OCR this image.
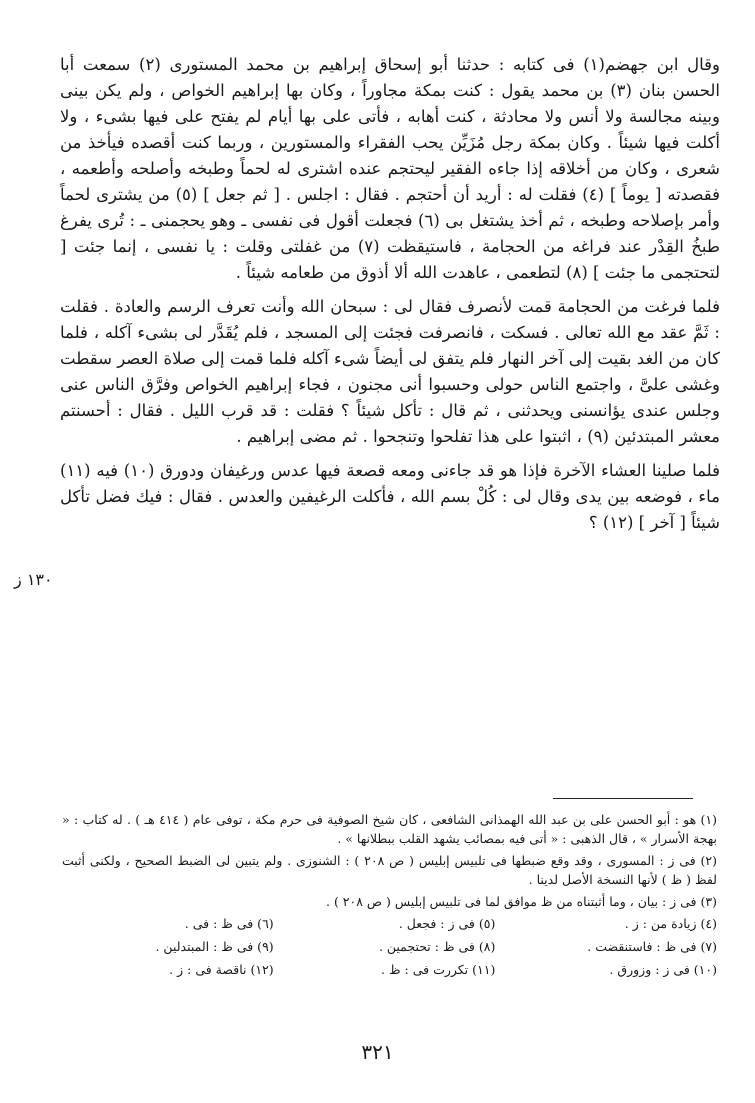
وقال ابن جهضم(١) فى كتابه : حدثنا أبو إسحاق إبراهيم بن محمد المستورى (٢) سمعت أبا الحسن بنان (٣) بن محمد يقول : كنت بمكة مجاوراً ، وكان بها إبراهيم الخواص ، ولم يكن بينى وبينه مجالسة ولا أنس ولا محادثة ، كنت أهابه ، فأتى على بها أيام لم يفتح على فيها بشىء ، ولا أكلت فيها شيئاً . وكان بمكة رجل مُزَيِّن يحب الفقراء والمستورين ، وربما كنت أقصده فيأخذ من شعرى ، وكان من أخلاقه إذا جاءه الفقير ليحتجم عنده اشترى له لحماً وطبخه وأصلحه وأطعمه ، فقصدته [ يوماً ] (٤) فقلت له : أريد أن أحتجم . فقال : اجلس . [ ثم جعل ] (٥) من يشترى لحماً وأمر بإصلاحه وطبخه ، ثم أخذ يشتغل بى (٦) فجعلت أقول فى نفسى ـ وهو يحجمنى ـ : تُرى يفرغ طبخُ القِدْر عند فراغه من الحجامة ، فاستيقظت (٧) من غفلتى وقلت : يا نفسى ، إنما جئت [ لتحتجمى ما جئت ] (٨) لتطعمى ، عاهدت الله ألا أذوق من طعامه شيئاً .

فلما فرغت من الحجامة قمت لأنصرف فقال لى : سبحان الله وأنت تعرف الرسم والعادة . فقلت : ثَمَّ عقد مع الله تعالى . فسكت ، فانصرفت فجئت إلى المسجد ، فلم يُقَدَّر لى بشىء آكله ، فلما كان من الغد بقيت إلى آخر النهار فلم يتفق لى أيضاً شىء آكله فلما قمت إلى صلاة العصر سقطت وغشى علىَّ ، واجتمع الناس حولى وحسبوا أنى مجنون ، فجاء إبراهيم الخواص وفرَّق الناس عنى وجلس عندى يؤانسنى ويحدثنى ، ثم قال : تأكل شيئاً ؟ فقلت : قد قرب الليل . فقال : أحسنتم معشر المبتدئين (٩) ، اثبتوا على هذا تفلحوا وتنجحوا . ثم مضى إبراهيم .

فلما صلينا العشاء الآخرة فإذا هو قد جاءنى ومعه قصعة فيها عدس ورغيفان ودورق (١٠) فيه (١١) ماء ، فوضعه بين يدى وقال لى : كُلْ بسم الله ، فأكلت الرغيفين والعدس . فقال : فيك فضل تأكل شيئاً [ آخر ] (١٢) ؟

١٣٠ ز

(١) هو : أبو الحسن على بن عبد الله الهمذانى الشافعى ، كان شيخ الصوفية فى حرم مكة ، توفى عام ( ٤١٤ هـ ) . له كتاب : « بهجة الأسرار » ، قال الذهبى : « أتى فيه بمصائب يشهد القلب ببطلانها » .

(٢) فى ز : المسورى ، وقد وقع ضبطها فى تلبيس إبليس ( ص ٢٠٨ ) : الشنوزى . ولم يتبين لى الضبط الصحيح ، ولكنى أثبت لفظ ( ظ ) لأنها النسخة الأصل لدينا .

(٣) فى ز : بيان ، وما أثبتناه من ظ موافق لما فى تلبيس إبليس ( ص ٢٠٨ ) .

(٤) زيادة من : ز .
(٥) فى ز : فجعل .
(٦) فى ظ : فى .
(٧) فى ظ : فاستنقضت .
(٨) فى ظ : تحتجمين .
(٩) فى ظ : المبتدلين .
(١٠) فى ز : وزورق .
(١١) تكررت فى : ظ .
(١٢) ناقصة فى : ز .
٣٢١
